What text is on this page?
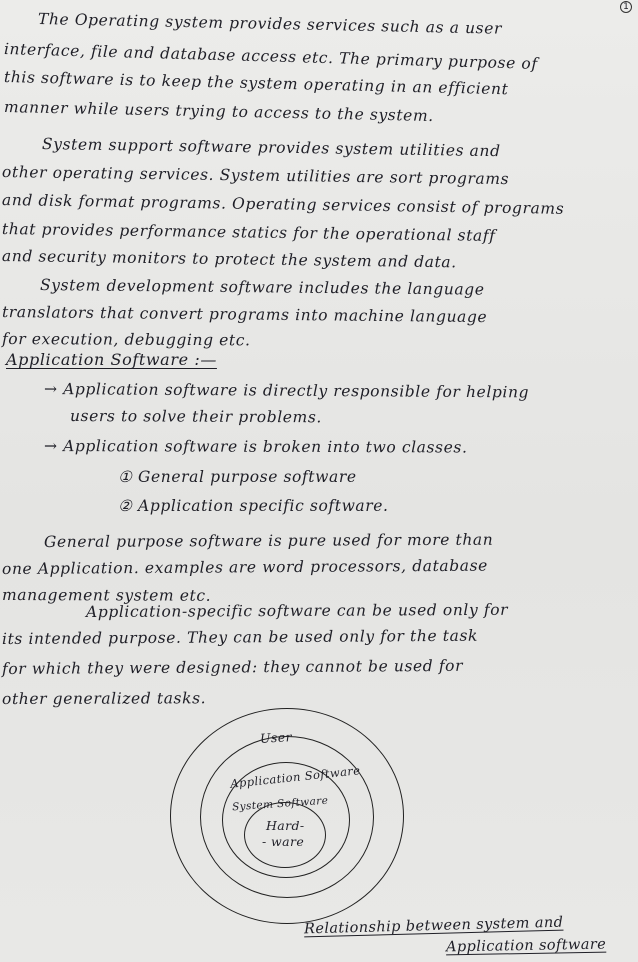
1
The Operating system provides services such as a user
interface, file and database access etc. The primary purpose of
this software is to keep the system operating in an efficient
manner while users trying to access to the system.
System support software provides system utilities and
other operating services. System utilities are sort programs
and disk format programs. Operating services consist of programs
that provides performance statics for the operational staff
and security monitors to protect the system and data.
System development software includes the language
translators that convert programs into machine language
for execution, debugging etc.
Application Software :—
→ Application software is directly responsible for helping
users to solve their problems.
→ Application software is broken into two classes.
① General purpose software
② Application specific software.
General purpose software is pure used for more than
one Application. examples are word processors, database
management system etc.
Application-specific software can be used only for
its intended purpose. They can be used only for the task
for which they were designed: they cannot be used for
other generalized tasks.
User
Application Software
System Software
Hard-
- ware
Relationship between system and
Application software
